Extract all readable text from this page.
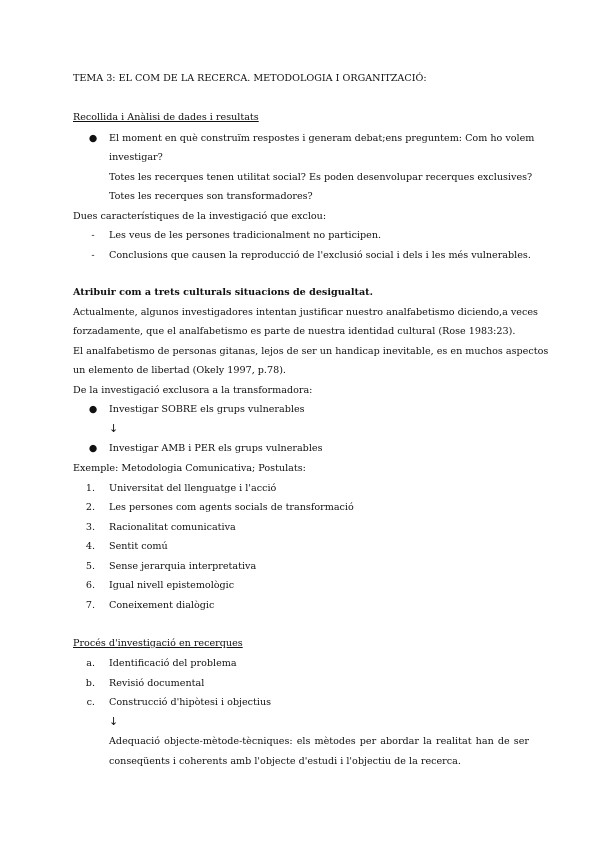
TEMA 3: EL COM DE LA RECERCA. METODOLOGIA I ORGANITZACIÓ:
Recollida i Anàlisi de dades i resultats
● El moment en què construïm respostes i generam debat;ens preguntem: Com ho volem
investigar?
Totes les recerques tenen utilitat social? Es poden desenvolupar recerques exclusives?
Totes les recerques son transformadores?
Dues característiques de la investigació que exclou:
-	Les veus de les persones tradicionalment no participen.
-	Conclusions que causen la reproducció de l'exclusió social i dels i les més vulnerables.
Atribuir com a trets culturals situacions de desigualtat.
Actualmente, algunos investigadores intentan justificar nuestro analfabetismo diciendo,a veces
forzadamente, que el analfabetismo es parte de nuestra identidad cultural (Rose 1983:23).
El analfabetismo de personas gitanas, lejos de ser un handicap inevitable, es en muchos aspectos
un elemento de libertad (Okely 1997, p.78).
De la investigació exclusora a la transformadora:
● Investigar SOBRE els grups vulnerables
↓
● Investigar AMB i PER els grups vulnerables
Exemple: Metodologia Comunicativa; Postulats:
1. Universitat del llenguatge i l'acció
2. Les persones com agents socials de transformació
3. Racionalitat comunicativa
4. Sentit comú
5. Sense jerarquia interpretativa
6. Igual nivell epistemològic
7. Coneixement dialògic
Procés d'investigació en recerques
a. Identificació del problema
b. Revisió documental
c. Construcció d'hipòtesi i objectius
↓
Adequació objecte-mètode-tècniques: els mètodes per abordar la realitat han de ser
conseqüents i coherents amb l'objecte d'estudi i l'objectiu de la recerca.
